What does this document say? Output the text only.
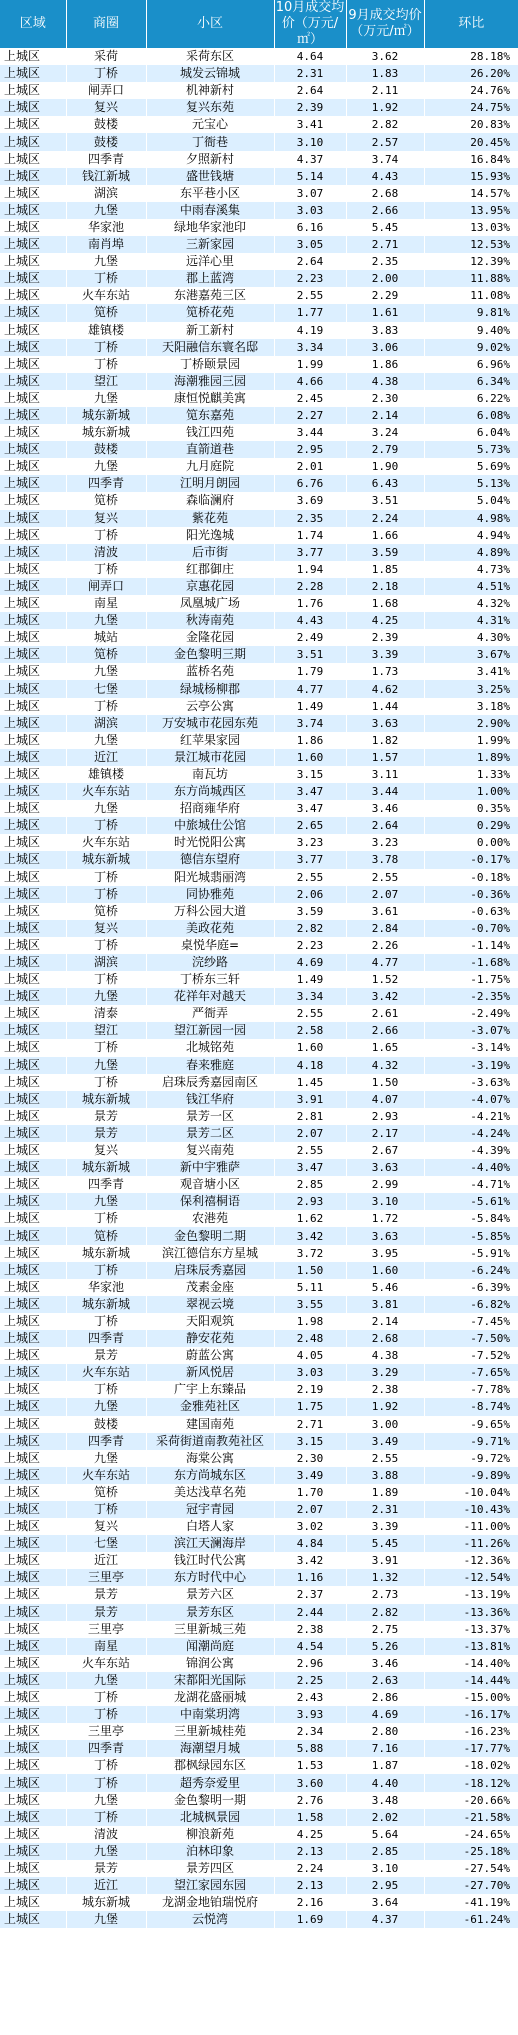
区域	商圈	小区	10月成交均价（万元/㎡）	9月成交均价（万元/㎡）	环比
上城区	采荷	采荷东区	4.64	3.62	28.18%
上城区	丁桥	城发云锦城	2.31	1.83	26.20%
上城区	闸弄口	机神新村	2.64	2.11	24.76%
上城区	复兴	复兴东苑	2.39	1.92	24.75%
上城区	鼓楼	元宝心	3.41	2.82	20.83%
上城区	鼓楼	丁衙巷	3.10	2.57	20.45%
上城区	四季青	夕照新村	4.37	3.74	16.84%
上城区	钱江新城	盛世钱塘	5.14	4.43	15.93%
上城区	湖滨	东平巷小区	3.07	2.68	14.57%
上城区	九堡	中雨春溪集	3.03	2.66	13.95%
上城区	华家池	绿地华家池印	6.16	5.45	13.03%
上城区	南肖埠	三新家园	3.05	2.71	12.53%
上城区	九堡	远洋心里	2.64	2.35	12.39%
上城区	丁桥	郡上蓝湾	2.23	2.00	11.88%
上城区	火车东站	东港嘉苑三区	2.55	2.29	11.08%
上城区	笕桥	笕桥花苑	1.77	1.61	9.81%
上城区	雄镇楼	新工新村	4.19	3.83	9.40%
上城区	丁桥	天阳融信东寰名邸	3.34	3.06	9.02%
上城区	丁桥	丁桥颐景园	1.99	1.86	6.96%
上城区	望江	海潮雅园三园	4.66	4.38	6.34%
上城区	九堡	康恒悦麒美寓	2.45	2.30	6.22%
上城区	城东新城	笕东嘉苑	2.27	2.14	6.08%
上城区	城东新城	钱江四苑	3.44	3.24	6.04%
上城区	鼓楼	直箭道巷	2.95	2.79	5.73%
上城区	九堡	九月庭院	2.01	1.90	5.69%
上城区	四季青	江明月朗园	6.76	6.43	5.13%
上城区	笕桥	森临澜府	3.69	3.51	5.04%
上城区	复兴	紫花苑	2.35	2.24	4.98%
上城区	丁桥	阳光逸城	1.74	1.66	4.94%
上城区	清波	后市街	3.77	3.59	4.89%
上城区	丁桥	红郡御庄	1.94	1.85	4.73%
上城区	闸弄口	京惠花园	2.28	2.18	4.51%
上城区	南星	凤凰城广场	1.76	1.68	4.32%
上城区	九堡	秋涛南苑	4.43	4.25	4.31%
上城区	城站	金隆花园	2.49	2.39	4.30%
上城区	笕桥	金色黎明三期	3.51	3.39	3.67%
上城区	九堡	蓝桥名苑	1.79	1.73	3.41%
上城区	七堡	绿城杨柳郡	4.77	4.62	3.25%
上城区	丁桥	云亭公寓	1.49	1.44	3.18%
上城区	湖滨	万安城市花园东苑	3.74	3.63	2.90%
上城区	九堡	红苹果家园	1.86	1.82	1.99%
上城区	近江	景江城市花园	1.60	1.57	1.89%
上城区	雄镇楼	南瓦坊	3.15	3.11	1.33%
上城区	火车东站	东方尚城西区	3.47	3.44	1.00%
上城区	九堡	招商雍华府	3.47	3.46	0.35%
上城区	丁桥	中旅城仕公馆	2.65	2.64	0.29%
上城区	火车东站	时光悦阳公寓	3.23	3.23	0.00%
上城区	城东新城	德信东望府	3.77	3.78	-0.17%
上城区	丁桥	阳光城翡丽湾	2.55	2.55	-0.18%
上城区	丁桥	同协雅苑	2.06	2.07	-0.36%
上城区	笕桥	万科公园大道	3.59	3.61	-0.63%
上城区	复兴	美政花苑	2.82	2.84	-0.70%
上城区	丁桥	桌悦华庭=	2.23	2.26	-1.14%
上城区	湖滨	浣纱路	4.69	4.77	-1.68%
上城区	丁桥	丁桥东三轩	1.49	1.52	-1.75%
上城区	九堡	花祥年对越天	3.34	3.42	-2.35%
上城区	清泰	严衙弄	2.55	2.61	-2.49%
上城区	望江	望江新园一园	2.58	2.66	-3.07%
上城区	丁桥	北城铭苑	1.60	1.65	-3.14%
上城区	九堡	春来雅庭	4.18	4.32	-3.19%
上城区	丁桥	启珠辰秀嘉园南区	1.45	1.50	-3.63%
上城区	城东新城	钱江华府	3.91	4.07	-4.07%
上城区	景芳	景芳一区	2.81	2.93	-4.21%
上城区	景芳	景芳二区	2.07	2.17	-4.24%
上城区	复兴	复兴南苑	2.55	2.67	-4.39%
上城区	城东新城	新中宇雅萨	3.47	3.63	-4.40%
上城区	四季青	观音塘小区	2.85	2.99	-4.71%
上城区	九堡	保利禧桐语	2.93	3.10	-5.61%
上城区	丁桥	农港苑	1.62	1.72	-5.84%
上城区	笕桥	金色黎明二期	3.42	3.63	-5.85%
上城区	城东新城	滨江德信东方星城	3.72	3.95	-5.91%
上城区	丁桥	启珠辰秀嘉园	1.50	1.60	-6.24%
上城区	华家池	茂素金座	5.11	5.46	-6.39%
上城区	城东新城	翠视云境	3.55	3.81	-6.82%
上城区	丁桥	天阳观筑	1.98	2.14	-7.45%
上城区	四季青	静安花苑	2.48	2.68	-7.50%
上城区	景芳	蔚蓝公寓	4.05	4.38	-7.52%
上城区	火车东站	新风悦居	3.03	3.29	-7.65%
上城区	丁桥	广宇上东臻品	2.19	2.38	-7.78%
上城区	九堡	金雅苑社区	1.75	1.92	-8.74%
上城区	鼓楼	建国南苑	2.71	3.00	-9.65%
上城区	四季青	采荷街道南教苑社区	3.15	3.49	-9.71%
上城区	九堡	海棠公寓	2.30	2.55	-9.72%
上城区	火车东站	东方尚城东区	3.49	3.88	-9.89%
上城区	笕桥	美达浅草名苑	1.70	1.89	-10.04%
上城区	丁桥	冠宇青园	2.07	2.31	-10.43%
上城区	复兴	白塔人家	3.02	3.39	-11.00%
上城区	七堡	滨江天澜海岸	4.84	5.45	-11.26%
上城区	近江	钱江时代公寓	3.42	3.91	-12.36%
上城区	三里亭	东方时代中心	1.16	1.32	-12.54%
上城区	景芳	景芳六区	2.37	2.73	-13.19%
上城区	景芳	景芳东区	2.44	2.82	-13.36%
上城区	三里亭	三里新城三苑	2.38	2.75	-13.37%
上城区	南星	闻潮尚庭	4.54	5.26	-13.81%
上城区	火车东站	锦润公寓	2.96	3.46	-14.40%
上城区	九堡	宋都阳光国际	2.25	2.63	-14.44%
上城区	丁桥	龙湖花盛丽城	2.43	2.86	-15.00%
上城区	丁桥	中南棠玥湾	3.93	4.69	-16.17%
上城区	三里亭	三里新城桂苑	2.34	2.80	-16.23%
上城区	四季青	海潮望月城	5.88	7.16	-17.77%
上城区	丁桥	郡枫绿园东区	1.53	1.87	-18.02%
上城区	丁桥	超秀奈爱里	3.60	4.40	-18.12%
上城区	九堡	金色黎明一期	2.76	3.48	-20.66%
上城区	丁桥	北城枫景园	1.58	2.02	-21.58%
上城区	清波	柳浪新苑	4.25	5.64	-24.65%
上城区	九堡	泊林印象	2.13	2.85	-25.18%
上城区	景芳	景芳四区	2.24	3.10	-27.54%
上城区	近江	望江家园东园	2.13	2.95	-27.70%
上城区	城东新城	龙湖金地铂瑞悦府	2.16	3.64	-41.19%
上城区	九堡	云悦湾	1.69	4.37	-61.24%
